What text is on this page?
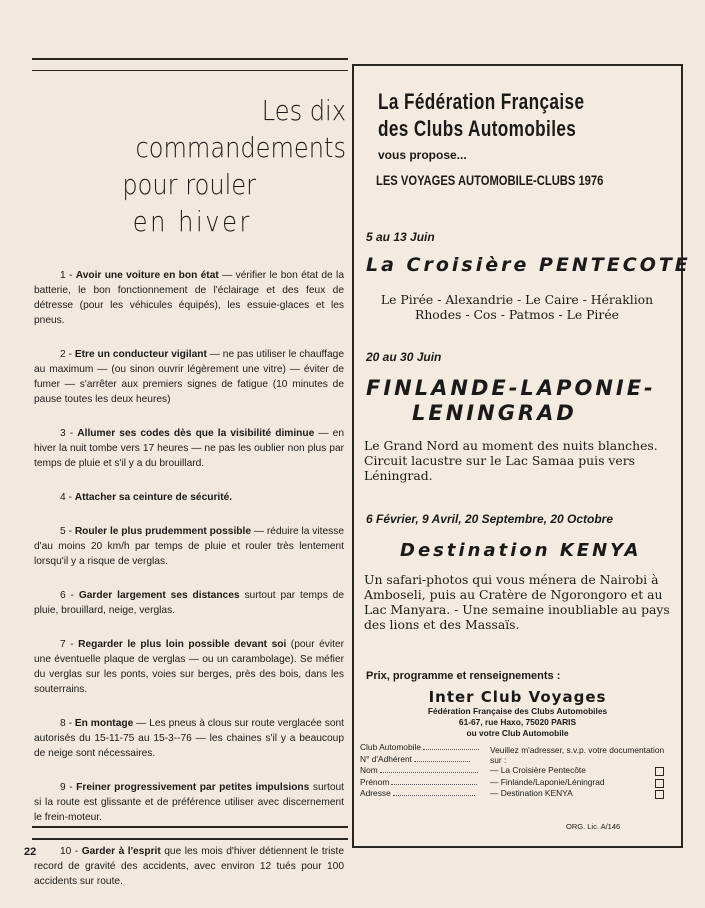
Les dix commandements
pour rouler
en hiver

1 - Avoir une voiture en bon état — vérifier le bon état de la batterie, le bon fonctionnement de l'éclairage et des feux de détresse (pour les véhicules équipés), les essuie-glaces et les pneus.

2 - Etre un conducteur vigilant — ne pas utiliser le chauffage au maximum — (ou sinon ouvrir légèrement une vitre) — éviter de fumer — s'arrêter aux premiers signes de fatigue (10 minutes de pause toutes les deux heures)

3 - Allumer ses codes dès que la visibilité diminue — en hiver la nuit tombe vers 17 heures — ne pas les oublier non plus par temps de pluie et s'il y a du brouillard.

4 - Attacher sa ceinture de sécurité.

5 - Rouler le plus prudemment possible — réduire la vitesse d'au moins 20 km/h par temps de pluie et rouler très lentement lorsqu'il y a risque de verglas.

6 - Garder largement ses distances surtout par temps de pluie, brouillard, neige, verglas.

7 - Regarder le plus loin possible devant soi (pour éviter une éventuelle plaque de verglas — ou un carambolage). Se méfier du verglas sur les ponts, voies sur berges, près des bois, dans les souterrains.

8 - En montage — Les pneus à clous sur route verglacée sont autorisés du 15-11-75 au 15-3--76 — les chaines s'il y a beaucoup de neige sont nécessaires.

9 - Freiner progressivement par petites impulsions surtout si la route est glissante et de préférence utiliser avec discernement le frein-moteur.

10 - Garder à l'esprit que les mois d'hiver détiennent le triste record de gravité des accidents, avec environ 12 tués pour 100 accidents sur route.

22
La Fédération Française
des Clubs Automobiles
vous propose...
LES VOYAGES AUTOMOBILE-CLUBS 1976
5 au 13 Juin
La Croisière PENTECOTE
Le Pirée - Alexandrie - Le Caire - Héraklion Rhodes - Cos - Patmos - Le Pirée
20 au 30 Juin
FINLANDE-LAPONIE-
LENINGRAD
Le Grand Nord au moment des nuits blanches. Circuit lacustre sur le Lac Samaa puis vers Léningrad.
6 Février, 9 Avril, 20 Septembre, 20 Octobre
Destination KENYA
Un safari-photos qui vous ménera de Nairobi à Amboseli, puis au Cratère de Ngorongoro et au Lac Manyara. - Une semaine inoubliable au pays des lions et des Massaïs.
Prix, programme et renseignements :
Inter Club Voyages
Fédération Française des Clubs Automobiles
61-67, rue Haxo, 75020 PARIS
ou votre Club Automobile
Club Automobile
N° d'Adhérent
Veuillez m'adresser, s.v.p. votre documentation sur :
Nom	— La Croisière Pentecôte
Prénom	— Finlande/Laponie/Léningrad
Adresse	— Destination KENYA
ORG. Lic. A/146
